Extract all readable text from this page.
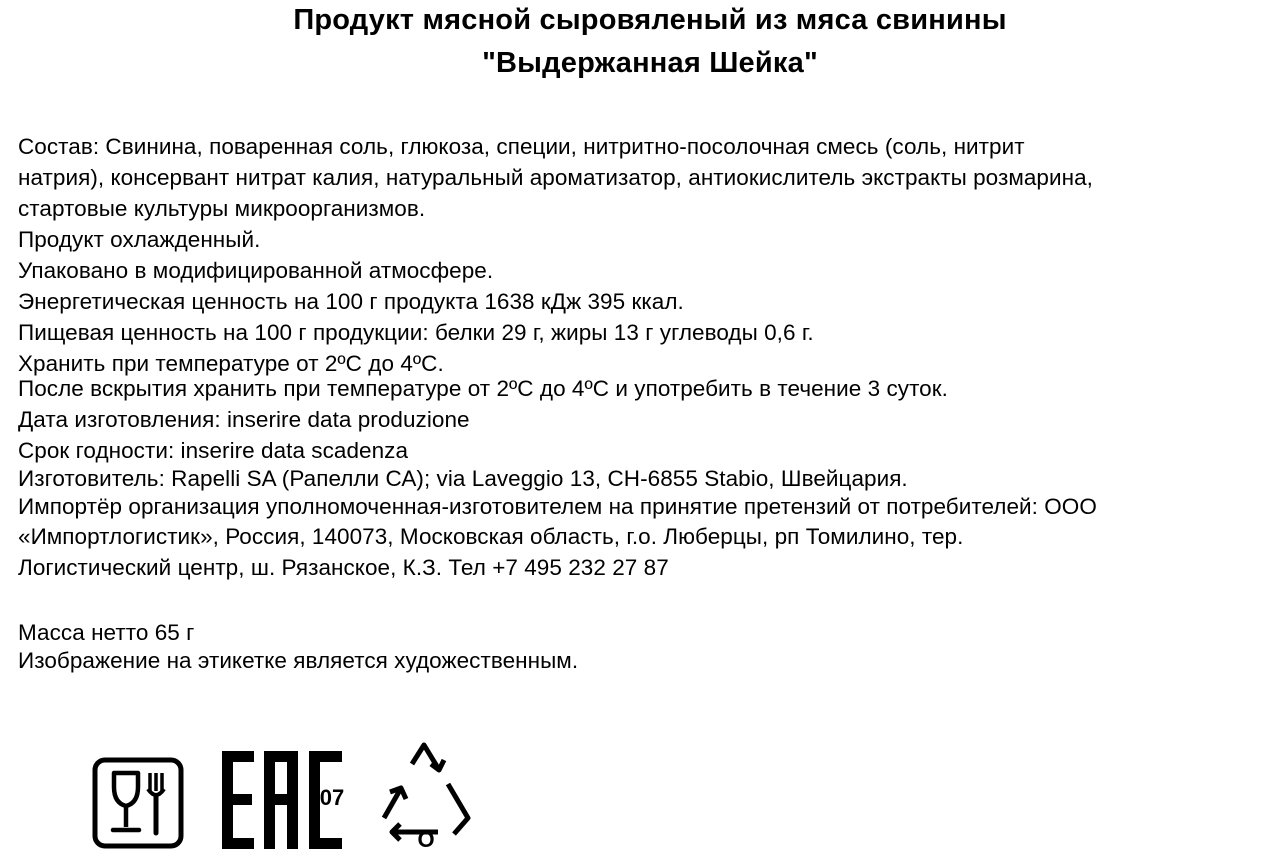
Продукт мясной сыровяленый из мяса свинины
"Выдержанная Шейка"
Состав: Свинина, поваренная соль, глюкоза, специи, нитритно-посолочная смесь (соль, нитрит
натрия), консервант нитрат калия, натуральный ароматизатор, антиокислитель экстракты розмарина,
стартовые культуры микроорганизмов.
Продукт охлажденный.
Упаковано в модифицированной атмосфере.
Энергетическая ценность на 100 г продукта 1638 кДж 395 ккал.
Пищевая ценность на 100 г продукции: белки 29 г, жиры 13 г углеводы 0,6 г.
Хранить при температуре от 2ºС до 4ºС.
После вскрытия хранить при температуре от 2ºС до 4ºС и употребить в течение 3 суток.
Дата изготовления: inserire data produzione
Срок годности: inserire data scadenza
Изготовитель: Rapelli SA (Рапелли СА); via Laveggio 13, CH-6855 Stabio, Швейцария.
Импортёр организация уполномоченная-изготовителем на принятие претензий от потребителей: ООО
«Импортлогистик», Россия, 140073, Московская область, г.о. Люберцы, рп Томилино, тер.
Логистический центр, ш. Рязанское, К.З. Тел +7 495 232 27 87
Масса нетто 65 г
Изображение на этикетке является художественным.
07
O
